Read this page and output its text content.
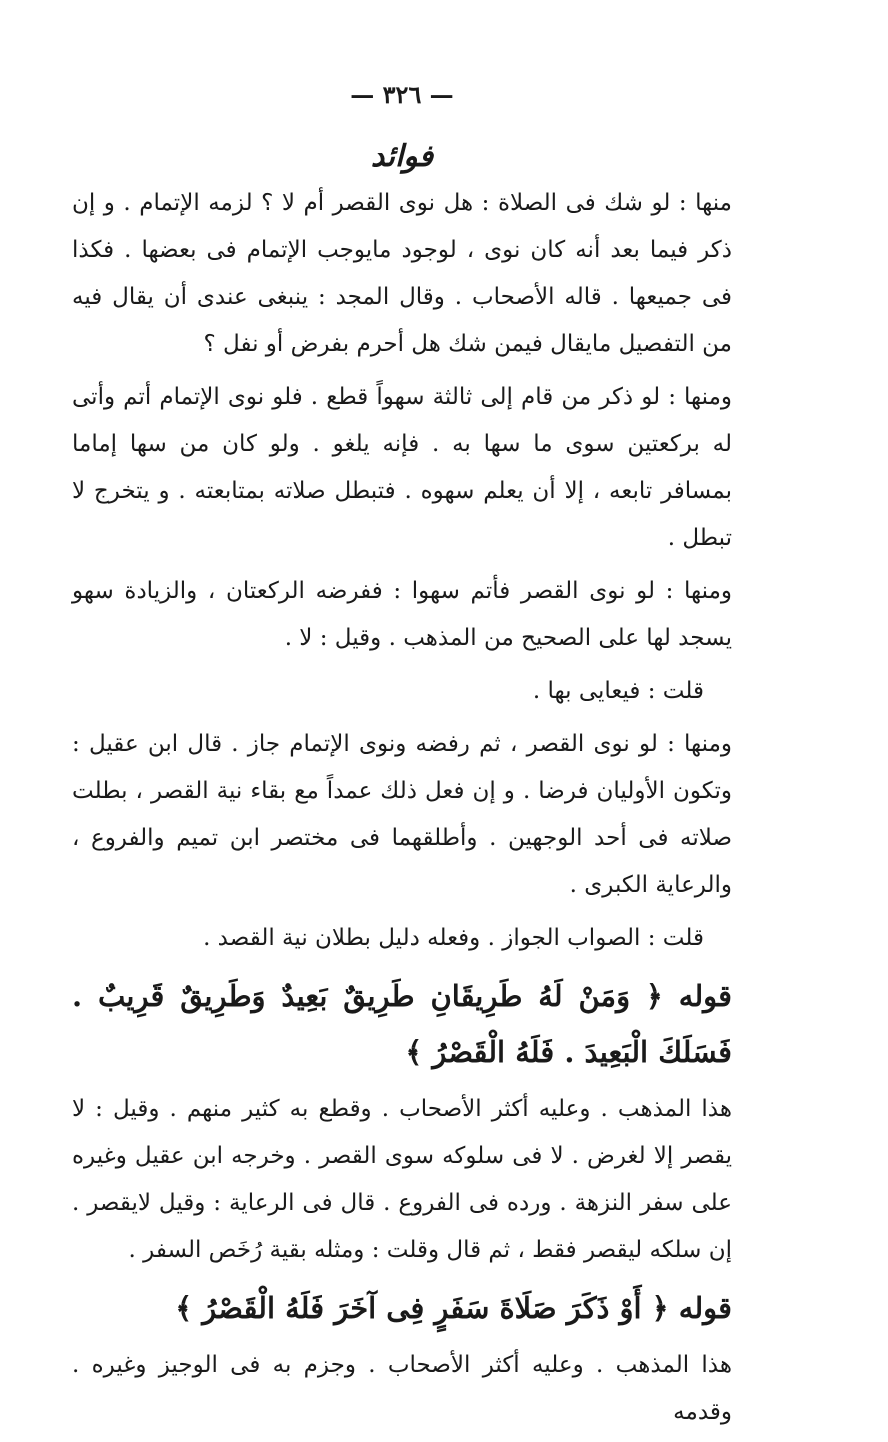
— ٣٢٦ —
فوائد

منها : لو شك فى الصلاة : هل نوى القصر أم لا ؟ لزمه الإتمام . و إن ذكر فيما بعد أنه كان نوى ، لوجود مايوجب الإتمام فى بعضها . فكذا فى جميعها . قاله الأصحاب . وقال المجد : ينبغى عندى أن يقال فيه من التفصيل مايقال فيمن شك هل أحرم بفرض أو نفل ؟

ومنها : لو ذكر من قام إلى ثالثة سهواً قطع . فلو نوى الإتمام أتم وأتى له بركعتين سوى ما سها به . فإنه يلغو . ولو كان من سها إماما بمسافر تابعه ، إلا أن يعلم سهوه . فتبطل صلاته بمتابعته . و يتخرج لا تبطل .

ومنها : لو نوى القصر فأتم سهوا : ففرضه الركعتان ، والزيادة سهو يسجد لها على الصحيح من المذهب . وقيل : لا .

قلت : فيعايى بها .

ومنها : لو نوى القصر ، ثم رفضه ونوى الإتمام جاز . قال ابن عقيل : وتكون الأوليان فرضا . و إن فعل ذلك عمداً مع بقاء نية القصر ، بطلت صلاته فى أحد الوجهين . وأطلقهما فى مختصر ابن تميم والفروع ، والرعاية الكبرى .

قلت : الصواب الجواز . وفعله دليل بطلان نية القصد .

قوله ﴿ وَمَنْ لَهُ طَرِيقَانِ طَرِيقٌ بَعِيدٌ وَطَرِيقٌ قَرِيبٌ . فَسَلَكَ الْبَعِيدَ . فَلَهُ الْقَصْرُ ﴾

هذا المذهب . وعليه أكثر الأصحاب . وقطع به كثير منهم . وقيل : لا يقصر إلا لغرض . لا فى سلوكه سوى القصر . وخرجه ابن عقيل وغيره على سفر النزهة . ورده فى الفروع . قال فى الرعاية : وقيل لايقصر . إن سلكه ليقصر فقط ، ثم قال وقلت : ومثله بقية رُخَص السفر .

قوله ﴿ أَوْ ذَكَرَ صَلَاةَ سَفَرٍ فِى آخَرَ فَلَهُ الْقَصْرُ ﴾

هذا المذهب . وعليه أكثر الأصحاب . وجزم به فى الوجيز وغيره . وقدمه
